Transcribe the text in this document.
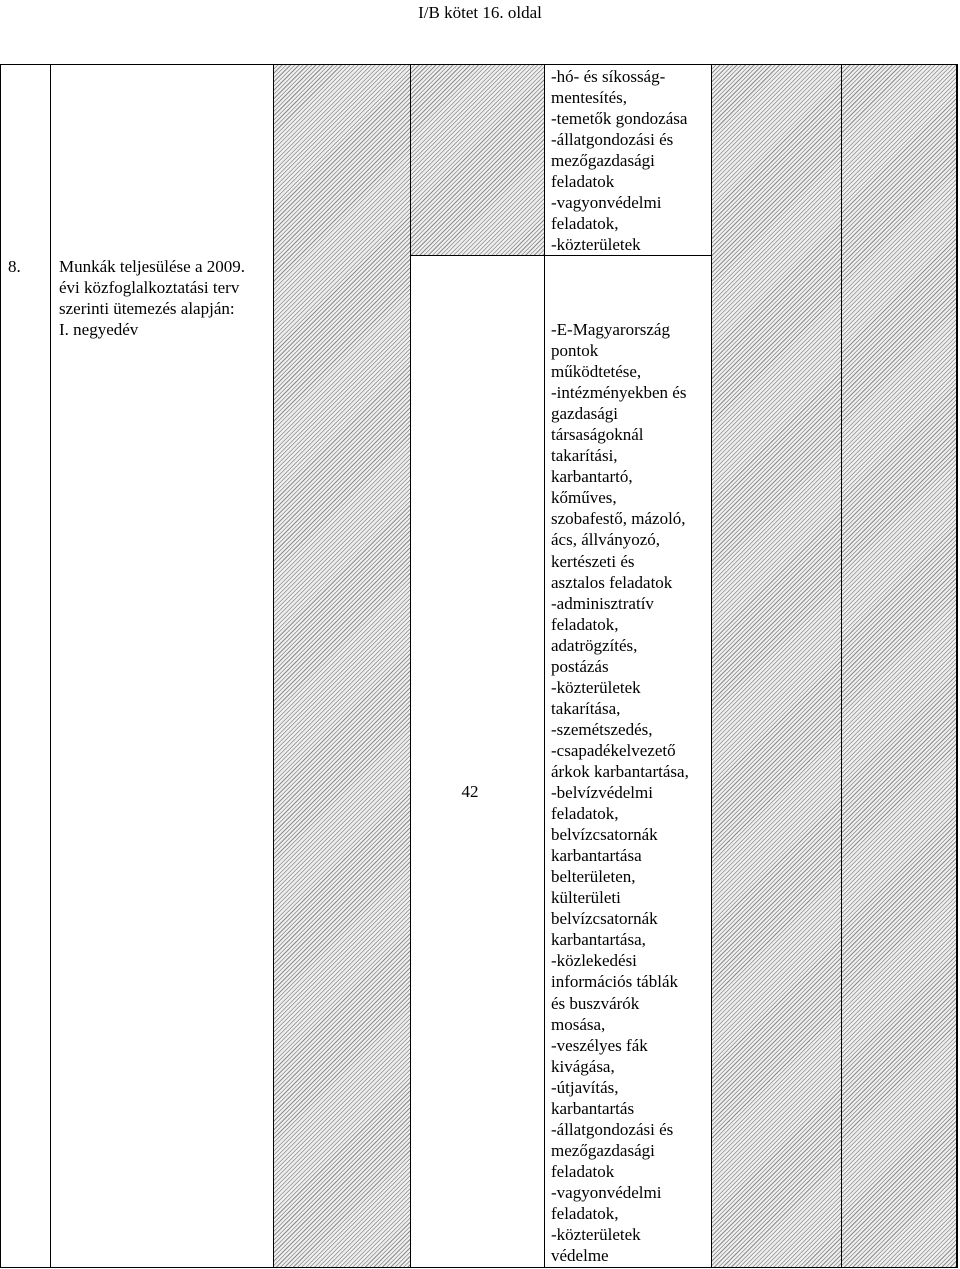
I/B kötet 16. oldal
8. Munkák teljesülése a 2009.
évi közfoglalkoztatási terv
szerinti ütemezés alapján:
I. negyedév
42
-hó- és síkosság-
mentesítés,
-temetők gondozása
-állatgondozási és
mezőgazdasági
feladatok
-vagyonvédelmi
feladatok,
-közterületek
-E-Magyarország
pontok
működtetése,
-intézményekben és
gazdasági
társaságoknál
takarítási,
karbantartó,
kőműves,
szobafestő, mázoló,
ács, állványozó,
kertészeti és
asztalos feladatok
-adminisztratív
feladatok,
adatrögzítés,
postázás
-közterületek
takarítása,
-szemétszedés,
-csapadékelvezető
árkok karbantartása,
-belvízvédelmi
feladatok,
belvízcsatornák
karbantartása
belterületen,
külterületi
belvízcsatornák
karbantartása,
-közlekedési
információs táblák
és buszvárók
mosása,
-veszélyes fák
kivágása,
-útjavítás,
karbantartás
-állatgondozási és
mezőgazdasági
feladatok
-vagyonvédelmi
feladatok,
-közterületek
védelme
